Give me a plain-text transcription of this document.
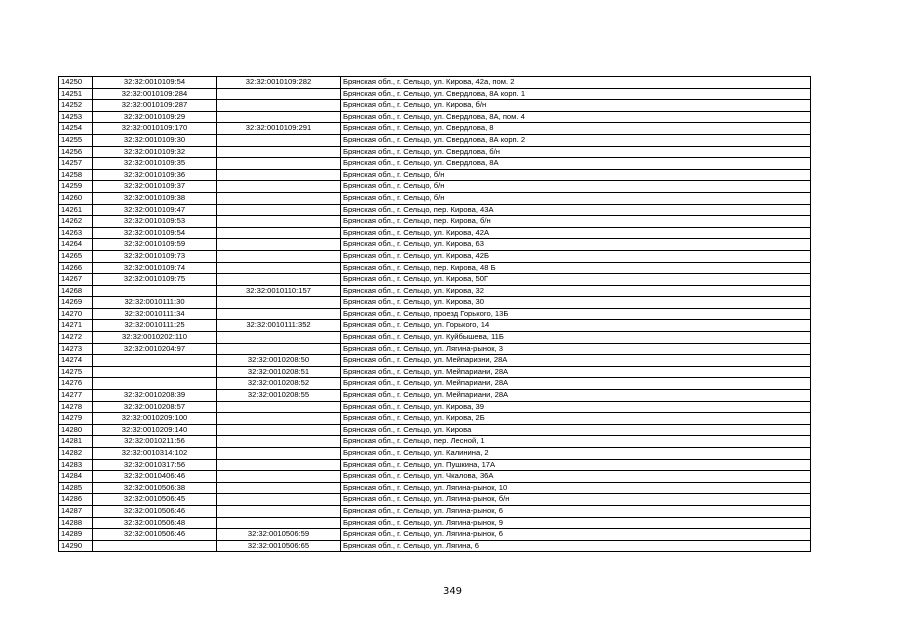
14250	32:32:0010109:54	32:32:0010109:282	Брянская обл., г. Сельцо, ул. Кирова, 42а, пом. 2
14251	32:32:0010109:284		Брянская обл., г. Сельцо, ул. Свердлова, 8А корп. 1
14252	32:32:0010109:287		Брянская обл., г. Сельцо, ул. Кирова, б/н
14253	32:32:0010109:29		Брянская обл., г. Сельцо, ул. Свердлова, 8А, пом. 4
14254	32:32:0010109:170	32:32:0010109:291	Брянская обл., г. Сельцо, ул. Свердлова, 8
14255	32:32:0010109:30		Брянская обл., г. Сельцо, ул. Свердлова, 8А корп. 2
14256	32:32:0010109:32		Брянская обл., г. Сельцо, ул. Свердлова, б/н
14257	32:32:0010109:35		Брянская обл., г. Сельцо, ул. Свердлова, 8А
14258	32:32:0010109:36		Брянская обл., г. Сельцо, б/н
14259	32:32:0010109:37		Брянская обл., г. Сельцо, б/н
14260	32:32:0010109:38		Брянская обл., г. Сельцо, б/н
14261	32:32:0010109:47		Брянская обл., г. Сельцо, пер. Кирова, 43А
14262	32:32:0010109:53		Брянская обл., г. Сельцо, пер. Кирова, б/н
14263	32:32:0010109:54		Брянская обл., г. Сельцо, ул. Кирова, 42А
14264	32:32:0010109:59		Брянская обл., г. Сельцо, ул. Кирова, 63
14265	32:32:0010109:73		Брянская обл., г. Сельцо, ул. Кирова, 42Б
14266	32:32:0010109:74		Брянская обл., г. Сельцо, пер. Кирова, 48 Б
14267	32:32:0010109:75		Брянская обл., г. Сельцо, ул. Кирова, 50Г
14268		32:32:0010110:157	Брянская обл., г. Сельцо, ул. Кирова, 32
14269	32:32:0010111:30		Брянская обл., г. Сельцо, ул. Кирова, 30
14270	32:32:0010111:34		Брянская обл., г. Сельцо, проезд Горького, 13Б
14271	32:32:0010111:25	32:32:0010111:352	Брянская обл., г. Сельцо, ул. Горького, 14
14272	32:32:0010202:110		Брянская обл., г. Сельцо, ул. Куйбышева, 11Б
14273	32:32:0010204:97		Брянская обл., г. Сельцо, ул. Лягина-рынок, 3
14274		32:32:0010208:50	Брянская обл., г. Сельцо, ул. Мейпаризни, 28А
14275		32:32:0010208:51	Брянская обл., г. Сельцо, ул. Мейпариани, 28А
14276		32:32:0010208:52	Брянская обл., г. Сельцо, ул. Мейпариани, 28А
14277	32:32:0010208:39	32:32:0010208:55	Брянская обл., г. Сельцо, ул. Мейпариани, 28А
14278	32:32:0010208:57		Брянская обл., г. Сельцо, ул. Кирова, 39
14279	32:32:0010209:100		Брянская обл., г. Сельцо, ул. Кирова, 2Б
14280	32:32:0010209:140		Брянская обл., г. Сельцо, ул. Кирова
14281	32:32:0010211:56		Брянская обл., г. Сельцо, пер. Лесной, 1
14282	32:32:0010314:102		Брянская обл., г. Сельцо, ул. Калинина, 2
14283	32:32:0010317:56		Брянская обл., г. Сельцо, ул. Пушкина, 17А
14284	32:32:0010406:46		Брянская обл., г. Сельцо, ул. Чкалова, 36А
14285	32:32:0010506:38		Брянская обл., г. Сельцо, ул. Лягина-рынок, 10
14286	32:32:0010506:45		Брянская обл., г. Сельцо, ул. Лягина-рынок, б/н
14287	32:32:0010506:46		Брянская обл., г. Сельцо, ул. Лягина-рынок, 6
14288	32:32:0010506:48		Брянская обл., г. Сельцо, ул. Лягина-рынок, 9
14289	32:32:0010506:46	32:32:0010506:59	Брянская обл., г. Сельцо, ул. Лягина-рынок, 6
14290		32:32:0010506:65	Брянская обл., г. Сельцо, ул. Лягина, 6
349
